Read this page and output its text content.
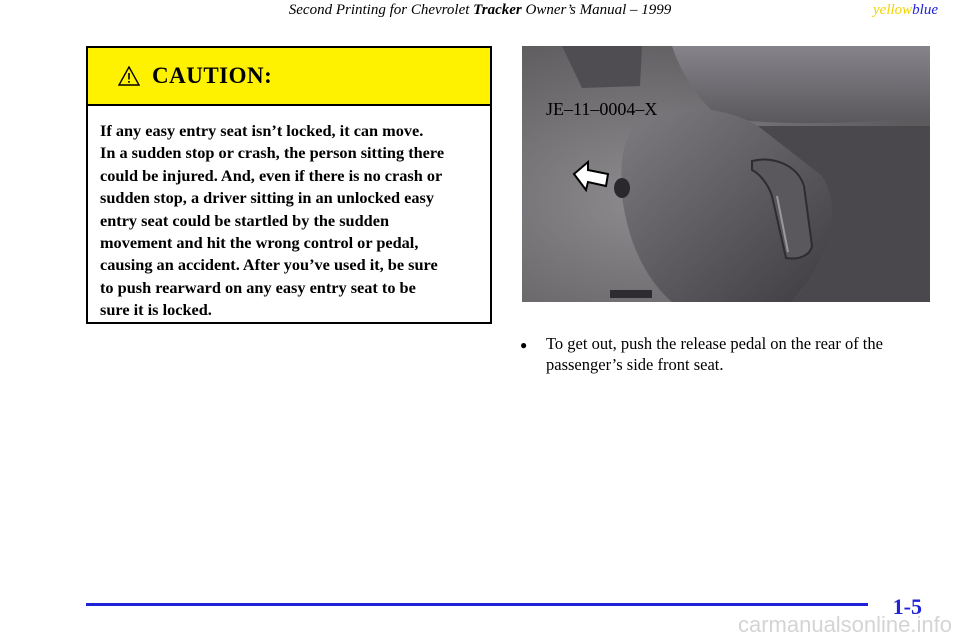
Second Printing for Chevrolet Tracker Owner’s Manual – 1999	yellowblue
CAUTION:
If any easy entry seat isn’t locked, it can move.
In a sudden stop or crash, the person sitting there
could be injured. And, even if there is no crash or
sudden stop, a driver sitting in an unlocked easy
entry seat could be startled by the sudden
movement and hit the wrong control or pedal,
causing an accident. After you’ve used it, be sure
to push rearward on any easy entry seat to be
sure it is locked.
JE–11–0004–X
●	To get out, push the release pedal on the rear of the
passenger’s side front seat.
1-5
carmanualsonline.info
